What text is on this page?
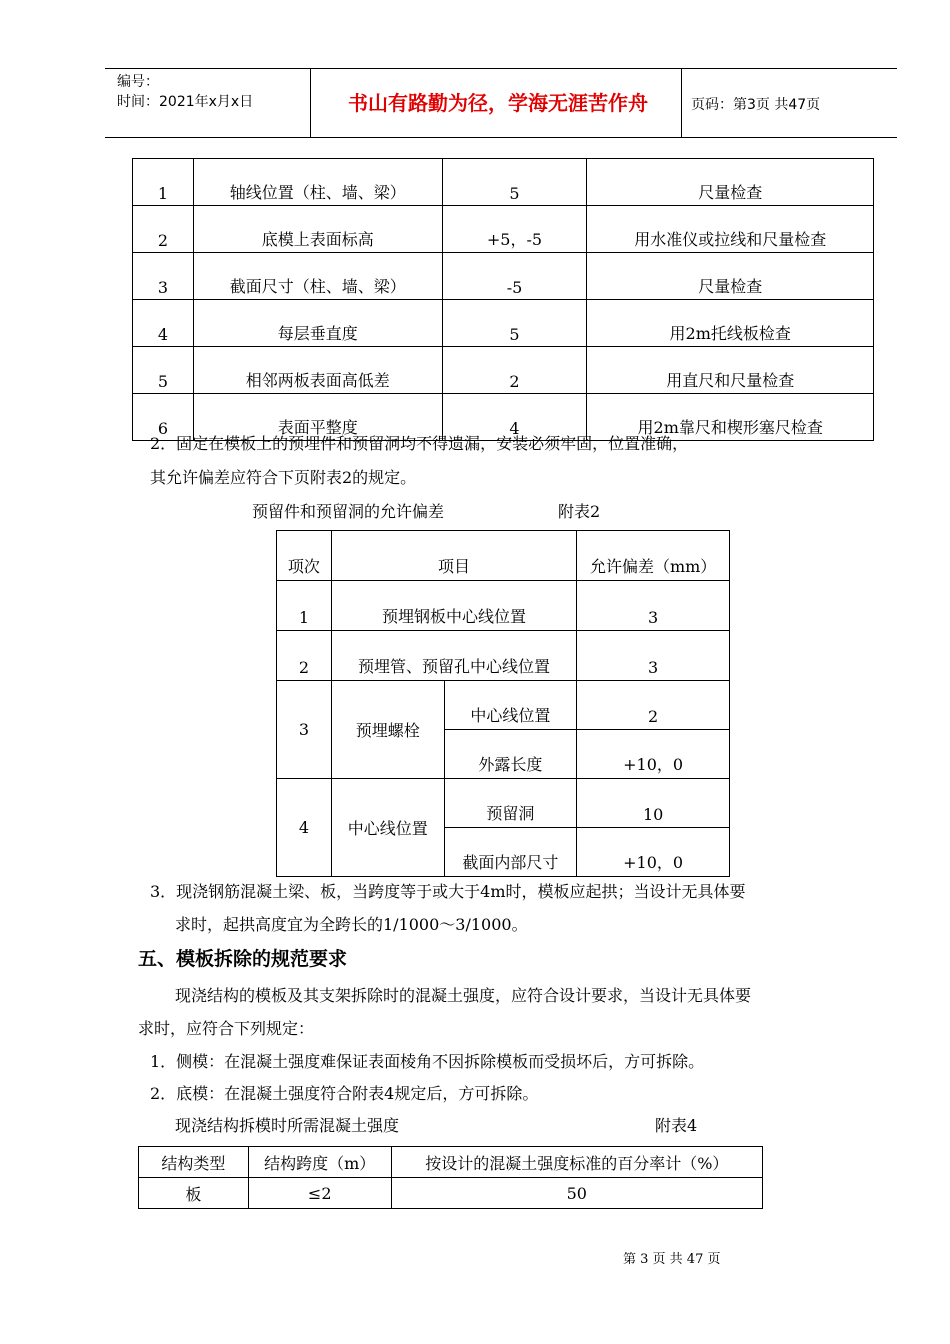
编号：
时间：2021年x月x日	书山有路勤为径，学海无涯苦作舟	页码：第3页 共47页
1	轴线位置（柱、墙、梁）	5	尺量检查
2	底模上表面标高	+5，-5	用水准仪或拉线和尺量检查
3	截面尺寸（柱、墙、梁）	-5	尺量检查
4	每层垂直度	5	用2m托线板检查
5	相邻两板表面高低差	2	用直尺和尺量检查
6	表面平整度	4	用2m靠尺和楔形塞尺检查
2．固定在模板上的预埋件和预留洞均不得遗漏，安装必须牢固，位置准确，
其允许偏差应符合下页附表2的规定。
预留件和预留洞的允许偏差	附表2
项次	项目		允许偏差（mm）
1	预埋钢板中心线位置		3
2	预埋管、预留孔中心线位置		3
3	预埋螺栓	中心线位置	2
		外露长度	+10，0
4	中心线位置	预留洞	10
		截面内部尺寸	+10，0
3．现浇钢筋混凝土梁、板，当跨度等于或大于4m时，模板应起拱；当设计无具体要
求时，起拱高度宜为全跨长的1/1000～3/1000。
五、模板拆除的规范要求
现浇结构的模板及其支架拆除时的混凝土强度，应符合设计要求，当设计无具体要
求时，应符合下列规定：
1．侧模：在混凝土强度难保证表面棱角不因拆除模板而受损坏后，方可拆除。
2．底模：在混凝土强度符合附表4规定后，方可拆除。
现浇结构拆模时所需混凝土强度	附表4
结构类型	结构跨度（m）	按设计的混凝土强度标准的百分率计（%）
板	≤2	50
第 3 页 共 47 页
